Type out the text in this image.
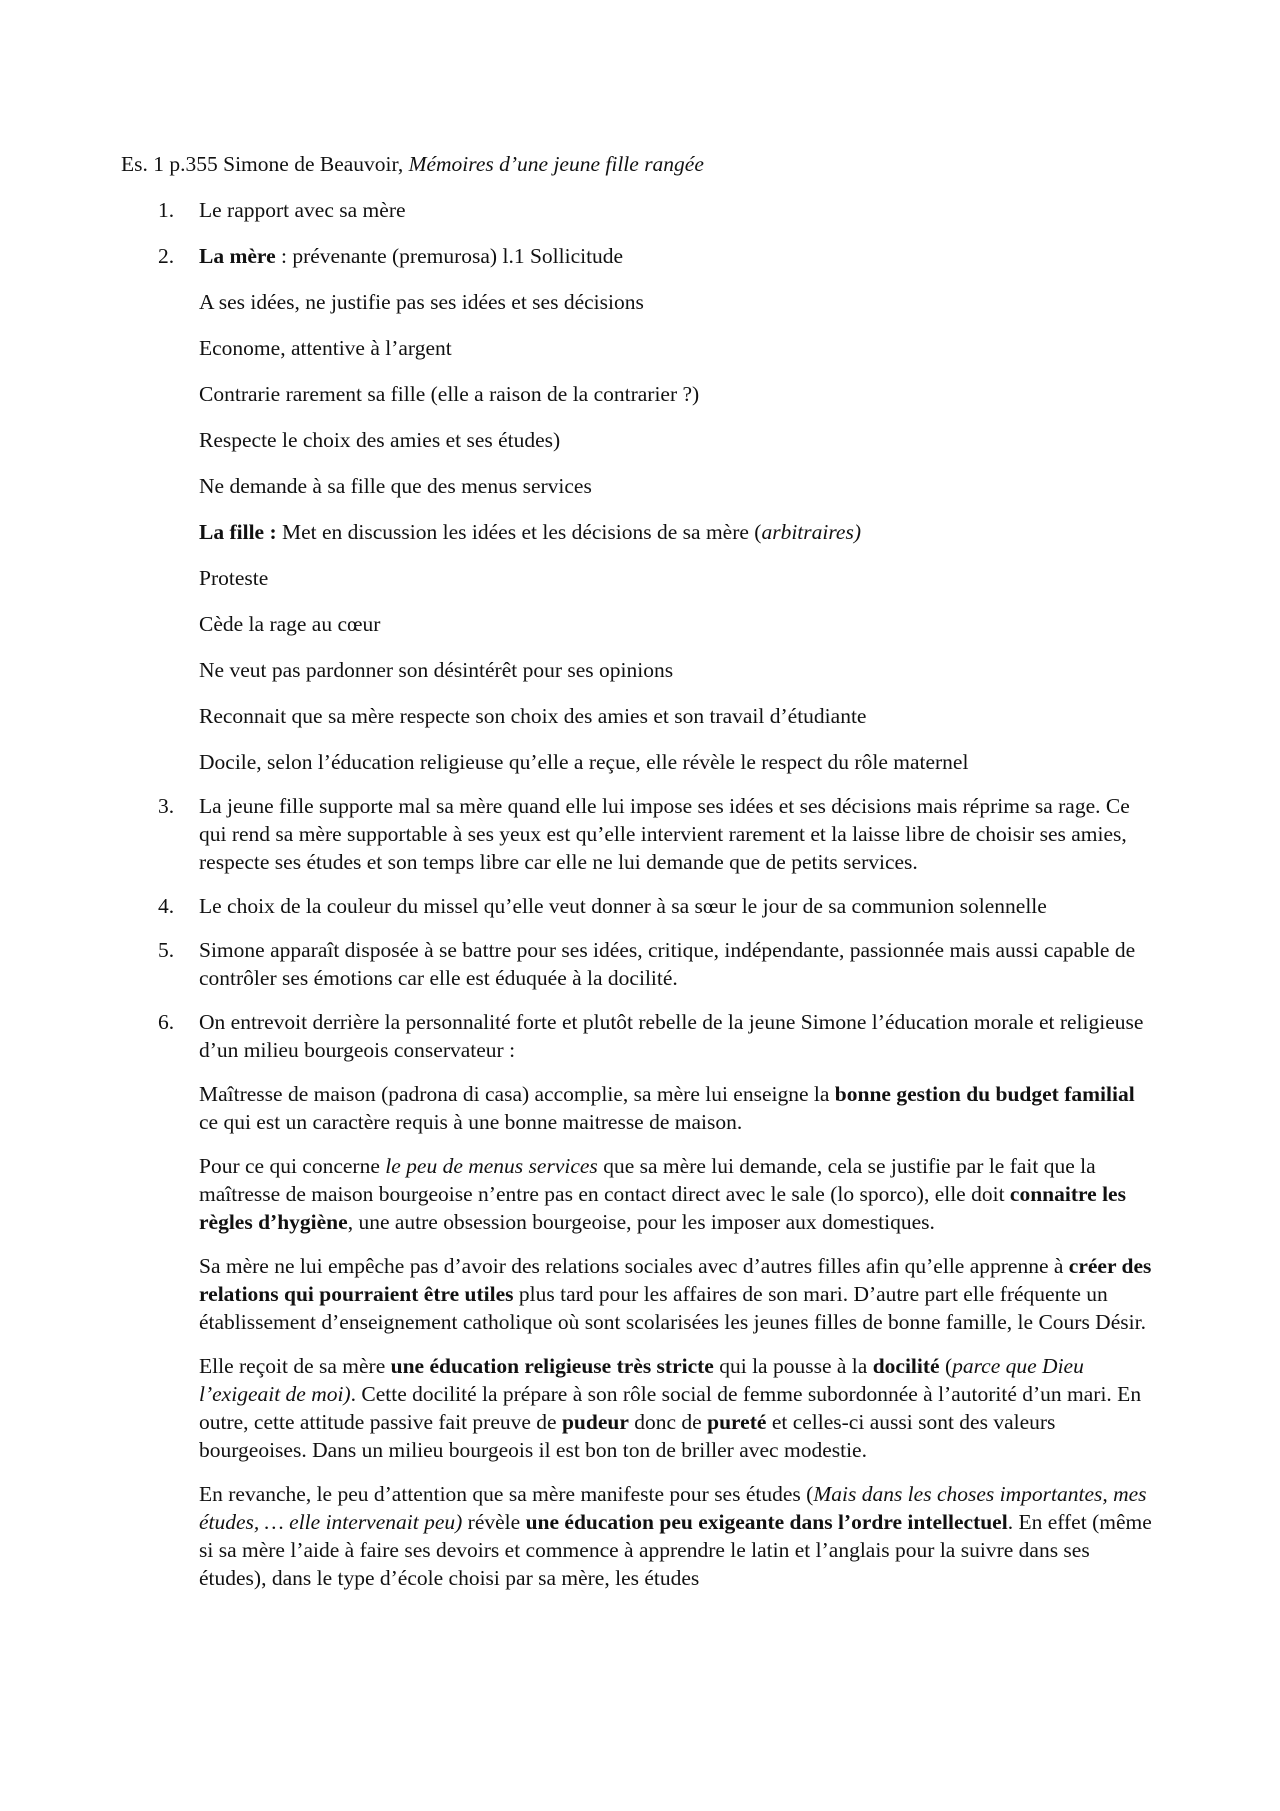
Es. 1 p.355 Simone de Beauvoir, Mémoires d’une jeune fille rangée
1. Le rapport avec sa mère
2. La mère : prévenante (premurosa) l.1 Sollicitude
A ses idées, ne justifie pas ses idées et ses décisions
Econome, attentive à l’argent
Contrarie rarement sa fille (elle a raison de la contrarier ?)
Respecte le choix des amies et ses études)
Ne demande à sa fille que des menus services
La fille : Met en discussion les idées et les décisions de sa mère (arbitraires)
Proteste
Cède la rage au cœur
Ne veut pas pardonner son désintérêt pour ses opinions
Reconnait que sa mère respecte son choix des amies et son travail d’étudiante
Docile, selon l’éducation religieuse qu’elle a reçue, elle révèle le respect du rôle maternel
3. La jeune fille supporte mal sa mère quand elle lui impose ses idées et ses décisions mais réprime sa rage. Ce qui rend sa mère supportable à ses yeux est qu’elle intervient rarement et la laisse libre de choisir ses amies, respecte ses études et son temps libre car elle ne lui demande que de petits services.
4. Le choix de la couleur du missel qu’elle veut donner à sa sœur le jour de sa communion solennelle
5. Simone apparaît disposée à se battre pour ses idées, critique, indépendante, passionnée mais aussi capable de contrôler ses émotions car elle est éduquée à la docilité.
6. On entrevoit derrière la personnalité forte et plutôt rebelle de la jeune Simone l’éducation morale et religieuse d’un milieu bourgeois conservateur :
Maîtresse de maison (padrona di casa) accomplie, sa mère lui enseigne la bonne gestion du budget familial ce qui est un caractère requis à une bonne maitresse de maison.
Pour ce qui concerne le peu de menus services que sa mère lui demande, cela se justifie par le fait que la maîtresse de maison bourgeoise n’entre pas en contact direct avec le sale (lo sporco), elle doit connaitre les règles d’hygiène, une autre obsession bourgeoise, pour les imposer aux domestiques.
Sa mère ne lui empêche pas d’avoir des relations sociales avec d’autres filles afin qu’elle apprenne à créer des relations qui pourraient être utiles plus tard pour les affaires de son mari. D’autre part elle fréquente un établissement d’enseignement catholique où sont scolarisées les jeunes filles de bonne famille, le Cours Désir.
Elle reçoit de sa mère une éducation religieuse très stricte qui la pousse à la docilité (parce que Dieu l’exigeait de moi). Cette docilité la prépare à son rôle social de femme subordonnée à l’autorité d’un mari. En outre, cette attitude passive fait preuve de pudeur donc de pureté et celles-ci aussi sont des valeurs bourgeoises. Dans un milieu bourgeois il est bon ton de briller avec modestie.
En revanche, le peu d’attention que sa mère manifeste pour ses études (Mais dans les choses importantes, mes études, … elle intervenait peu) révèle une éducation peu exigeante dans l’ordre intellectuel. En effet (même si sa mère l’aide à faire ses devoirs et commence à apprendre le latin et l’anglais pour la suivre dans ses études), dans le type d’école choisi par sa mère, les études
